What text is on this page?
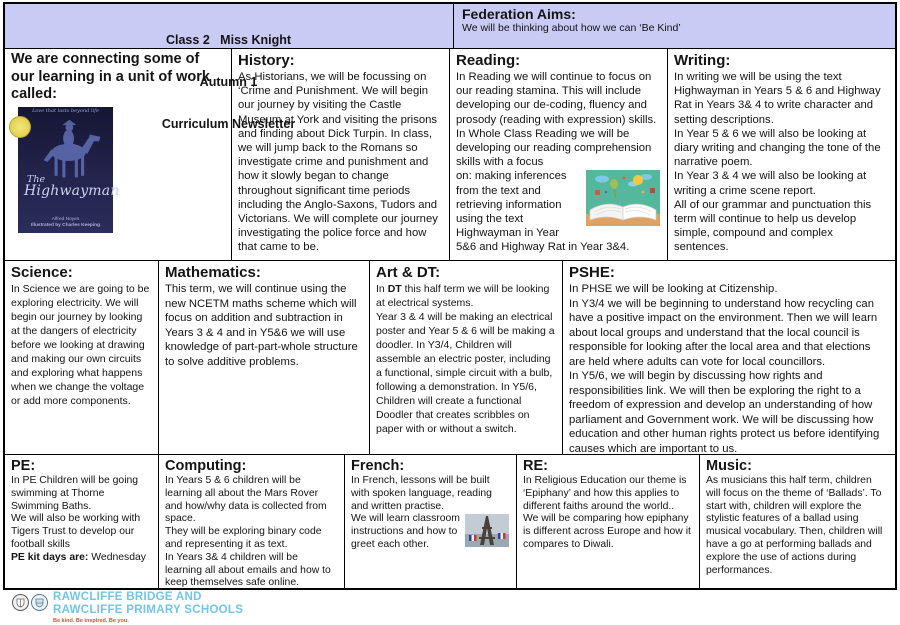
Class 2   Miss Knight

Autumn 1

Curriculum Newsletter

Federation Aims:
We will be thinking about how we can ‘Be Kind’
We are connecting some of our learning in a unit of work called:
Love that lasts beyond life
The
Highwayman
Alfred Noyes
Illustrated by Charles Keeping
History:
As Historians, we will be focussing on ‘Crime and Punishment. We will begin our journey by visiting the Castle Museum at York and visiting the prisons and finding about Dick Turpin. In class, we will jump back to the Romans so investigate crime and punishment and how it slowly began to change throughout significant time periods including the Anglo-Saxons, Tudors and Victorians. We will complete our journey investigating the police force and how that came to be.
Reading:
In Reading we will continue to focus on our reading stamina. This will include developing our de-coding, fluency and prosody (reading with expression) skills.
In Whole Class Reading we will be developing our reading comprehension skills with a focus
on: making inferences from the text and retrieving information using the text Highwayman in Year 5&6 and Highway Rat in Year 3&4.
Writing:
In writing we will be using the text Highwayman in Years 5 & 6 and Highway Rat in Years 3& 4 to write character and setting descriptions.
In Year 5 & 6 we will also be looking at diary writing and changing the tone of the narrative poem.
In Year 3 & 4 we will also be looking at writing a crime scene report.
All of our grammar and punctuation this term will continue to help us develop simple, compound and complex sentences.
Science:
In Science we are going to be exploring electricity. We will begin our journey by looking at the dangers of electricity before we looking at drawing and making our own circuits and exploring what happens when we change the voltage or add more components.
Mathematics:
This term, we will continue using the new NCETM maths scheme which will focus on addition and subtraction in Years 3 & 4 and in Y5&6 we will use knowledge of part-part-whole structure to solve additive problems.
Art & DT:
In DT this half term we will be looking at electrical systems.
Year 3 & 4 will be making an electrical poster and Year 5 & 6 will be making a doodler. In Y3/4, Children will assemble an electric poster, including a functional, simple circuit with a bulb, following a demonstration. In Y5/6, Children will create a functional Doodler that creates scribbles on paper with or without a switch.
PSHE:
In PHSE we will be looking at Citizenship.
In Y3/4 we will be beginning to understand how recycling can have a positive impact on the environment. Then we will learn about local groups and understand that the local council is responsible for looking after the local area and that elections are held where adults can vote for local councillors.
In Y5/6, we will begin by discussing how rights and responsibilities link. We will then be exploring the right to a freedom of expression and develop an understanding of how parliament and Government work. We will be discussing how education and other human rights protect us before identifying causes which are important to us.
PE:
In PE Children will be going swimming at Thorne Swimming Baths.
We will also be working with Tigers Trust to develop our football skills
PE kit days are: Wednesday
Computing:
In Years 5 & 6 children will be learning all about the Mars Rover and how/why data is collected from space.
They will be exploring binary code and representing it as text.
In Years 3& 4 children will be learning all about emails and how to keep themselves safe online.
French:
In French, lessons will be built with spoken language, reading and written practise.
We will learn classroom instructions and how to greet each other.
RE:
In Religious Education our theme is ‘Epiphany’ and how this applies to different faiths around the world.. We will be comparing how epiphany is different across Europe and how it compares to Diwali.
Music:
As musicians this half term, children will focus on the theme of ‘Ballads’. To start with, children will explore the stylistic features of a ballad using musical vocabulary. Then, children will have a go at performing ballads and explore the use of actions during performances.
RAWCLIFFE BRIDGE AND
RAWCLIFFE PRIMARY SCHOOLS
Be kind. Be inspired. Be you.
